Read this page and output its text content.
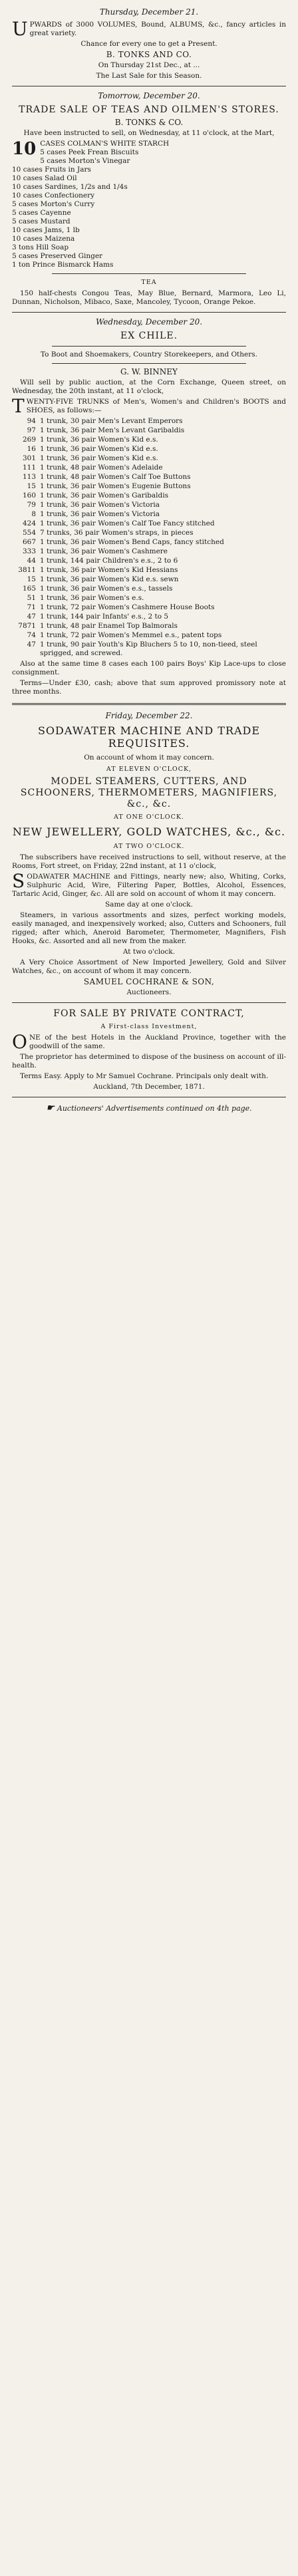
Thursday, December 21.

UPWARDS of 3000 VOLUMES, Bound, ALBUMS, &c., fancy articles in great variety.

Chance for every one to get a Present.

B. TONKS AND CO.

On Thursday 21st Dec., at ...

The Last Sale for this Season.

Tomorrow, December 20.
TRADE SALE OF TEAS AND OILMEN'S STORES.
B. TONKS & CO.

Have been instructed to sell, on Wednesday, at 11 o'clock, at the Mart,

10 CASES COLMAN'S WHITE STARCH
5 cases Peek Frean Biscuits
5 cases Morton's Vinegar
10 cases Fruits in Jars
10 cases Salad Oil
10 cases Sardines, 1/2s and 1/4s
10 cases Confectionery
5 cases Morton's Curry
5 cases Cayenne
5 cases Mustard
10 cases Jams, 1 lb
10 cases Maizena
3 tons Hill Soap
5 cases Preserved Ginger
1 ton Prince Bismarck Hams
TEA

150 half-chests Congou Teas, May Blue, Bernard, Marmora, Leo Li, Dunnan, Nicholson, Mibaco, Saxe, Mancoley, Tycoon, Orange Pekoe.

Wednesday, December 20.
EX CHILE.

To Boot and Shoemakers, Country Storekeepers, and Others.

G. W. BINNEY

Will sell by public auction, at the Corn Exchange, Queen street, on Wednesday, the 20th instant, at 11 o'clock,

TWENTY-FIVE TRUNKS of Men's, Women's and Children's BOOTS and SHOES, as follows:—

94 1 trunk, 30 pair Men's Levant Emperors
97 1 trunk, 36 pair Men's Levant Garibaldis
269 1 trunk, 36 pair Women's Kid e.s.
16 1 trunk, 36 pair Women's Kid e.s.
301 1 trunk, 36 pair Women's Kid e.s.
111 1 trunk, 48 pair Women's Adelaide
113 1 trunk, 48 pair Women's Calf Toe Buttons
15 1 trunk, 36 pair Women's Eugenie Buttons
160 1 trunk, 36 pair Women's Garibaldis
79 1 trunk, 36 pair Women's Victoria
8 1 trunk, 36 pair Women's Victoria
424 1 trunk, 36 pair Women's Calf Toe Fancy stitched
554 7 trunks, 36 pair Women's straps, in pieces
667 1 trunk, 36 pair Women's Bend Caps, fancy stitched
333 1 trunk, 36 pair Women's Cashmere
44 1 trunk, 144 pair Children's e.s., 2 to 6
3811 1 trunk, 36 pair Women's Kid Hessians
15 1 trunk, 36 pair Women's Kid e.s. sewn
165 1 trunk, 36 pair Women's e.s., tassels
51 1 trunk, 36 pair Women's e.s.
71 1 trunk, 72 pair Women's Cashmere House Boots
47 1 trunk, 144 pair Infants' e.s., 2 to 5
7871 1 trunk, 48 pair Enamel Top Balmorals
74 1 trunk, 72 pair Women's Memmel e.s., patent tops
47 1 trunk, 90 pair Youth's Kip Bluchers 5 to 10, non-tieed, steel sprigged, and screwed.

Also at the same time 8 cases each 100 pairs Boys' Kip Lace-ups to close consignment.

Terms—Under £30, cash; above that sum approved promissory note at three months.

Friday, December 22.
SODAWATER MACHINE AND TRADE REQUISITES.

On account of whom it may concern.

AT ELEVEN O'CLOCK,
MODEL STEAMERS, CUTTERS, AND SCHOONERS, THERMOMETERS, MAGNIFIERS, &c., &c.
AT ONE O'CLOCK.
NEW JEWELLERY, GOLD WATCHES, &c., &c.
AT TWO O'CLOCK.

The subscribers have received instructions to sell, without reserve, at the Rooms, Fort street, on Friday, 22nd instant, at 11 o'clock,

SODAWATER MACHINE and Fittings, nearly new; also, Whiting, Corks, Sulphuric Acid, Wire, Filtering Paper, Bottles, Alcohol, Essences, Tartaric Acid, Ginger, &c. All are sold on account of whom it may concern.

Same day at one o'clock.

Steamers, in various assortments and sizes, perfect working models, easily managed, and inexpensively worked; also, Cutters and Schooners, full rigged; after which, Aneroid Barometer, Thermometer, Magnifiers, Fish Hooks, &c. Assorted and all new from the maker.

At two o'clock.

A Very Choice Assortment of New Imported Jewellery, Gold and Silver Watches, &c., on account of whom it may concern.

SAMUEL COCHRANE & SON,

Auctioneers.

FOR SALE BY PRIVATE CONTRACT,
A First-class Investment,

ONE of the best Hotels in the Auckland Province, together with the goodwill of the same.

The proprietor has determined to dispose of the business on account of ill-health.

Terms Easy. Apply to Mr Samuel Cochrane. Principals only dealt with.

Auckland, 7th December, 1871.

☛ Auctioneers' Advertisements continued on 4th page.
